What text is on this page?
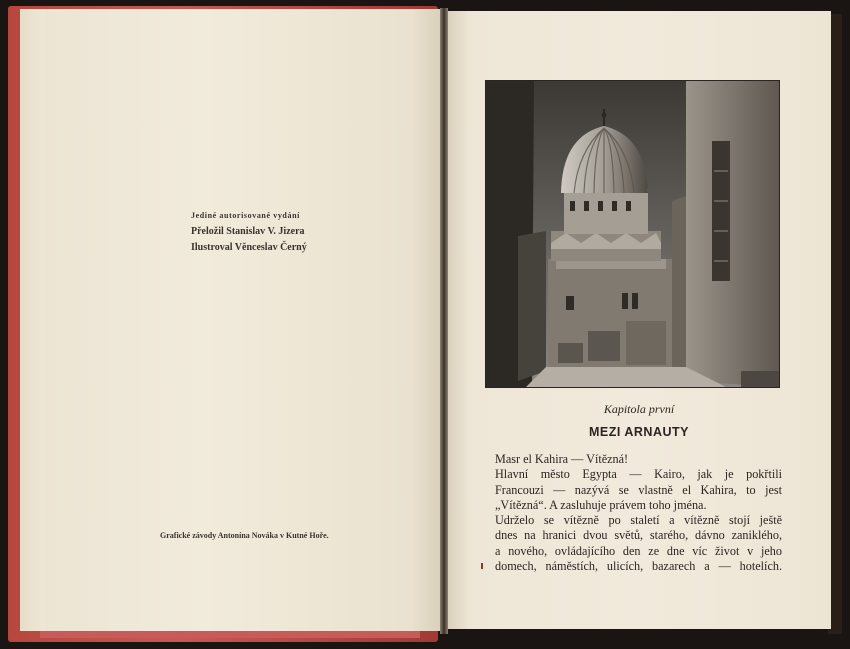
Jediné autorisované vydání
Přeložil Stanislav V. Jizera
Ilustroval Věnceslav Černý
Grafické závody Antonína Nováka v Kutné Hoře.
Kapitola první
MEZI ARNAUTY
Masr el Kahira — Vítězná!
Hlavní město Egypta — Kairo, jak je pokřtili
Francouzi — nazývá se vlastně el Kahira, to jest
„Vítězná“. A zasluhuje právem toho jména.
Udrželo se vítězně po staletí a vítězně stojí ještě
dnes na hranici dvou světů, starého, dávno zaniklého,
a nového, ovládajícího den ze dne víc život v jeho
domech, náměstích, ulicích, bazarech a — hotelích.
